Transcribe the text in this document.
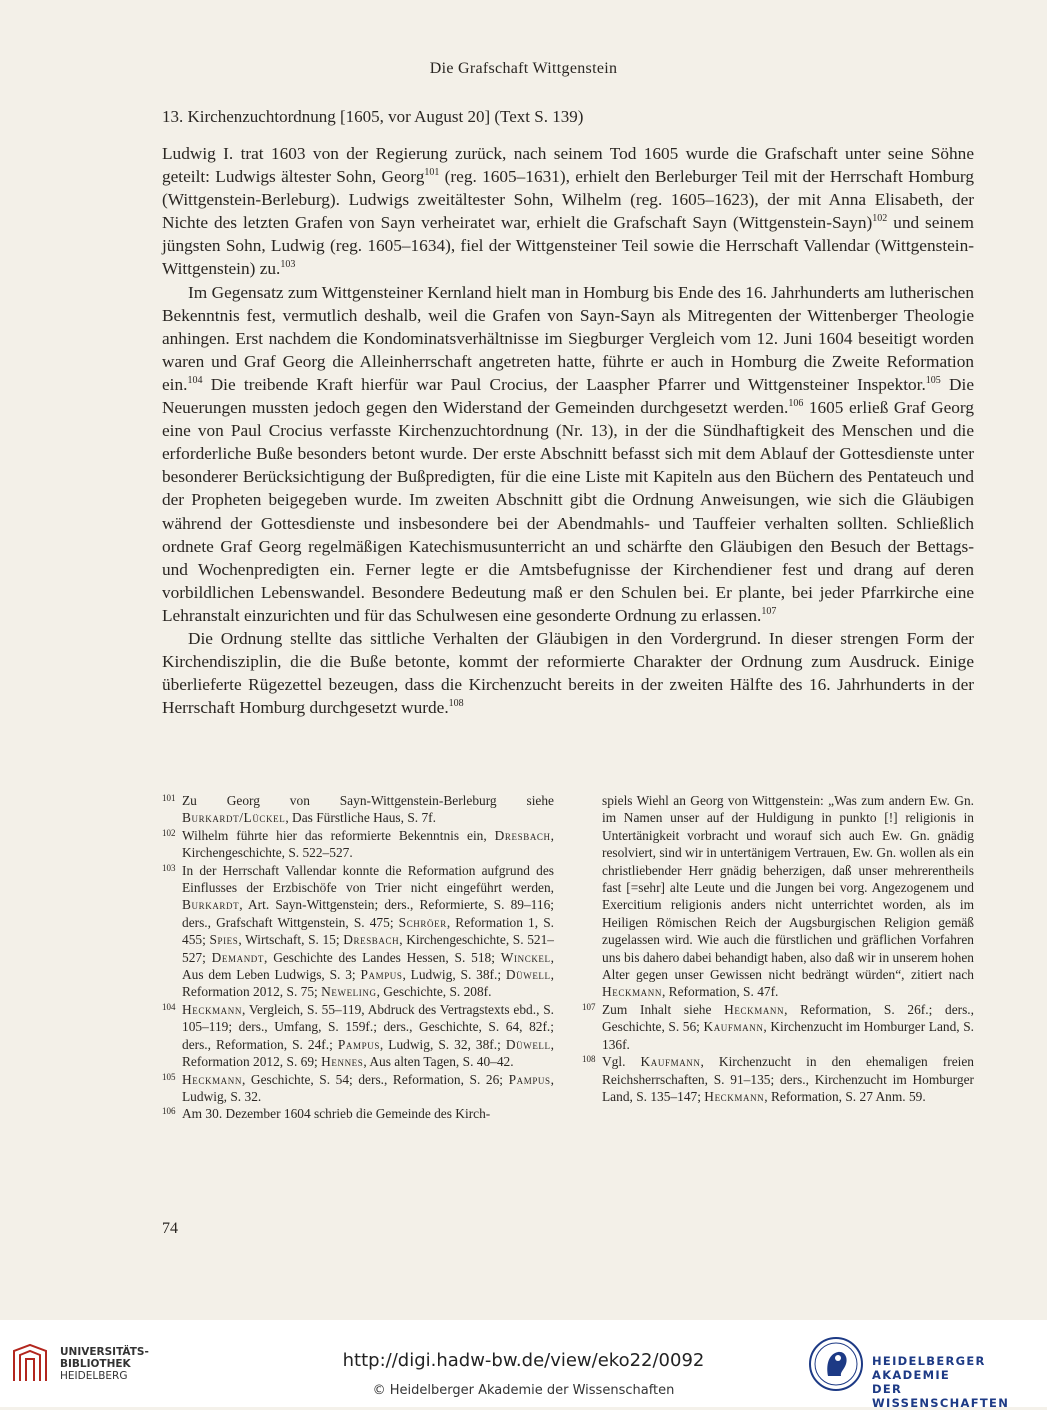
Die Grafschaft Wittgenstein
13. Kirchenzuchtordnung [1605, vor August 20] (Text S. 139)

Ludwig I. trat 1603 von der Regierung zurück, nach seinem Tod 1605 wurde die Grafschaft unter seine Söhne geteilt: Ludwigs ältester Sohn, Georg$^{101}$ (reg. 1605–1631), erhielt den Berleburger Teil mit der Herrschaft Homburg (Wittgenstein-Berleburg). Ludwigs zweitältester Sohn, Wilhelm (reg. 1605–1623), der mit Anna Elisabeth, der Nichte des letzten Grafen von Sayn verheiratet war, erhielt die Grafschaft Sayn (Wittgenstein-Sayn)$^{102}$ und seinem jüngsten Sohn, Ludwig (reg. 1605–1634), fiel der Wittgensteiner Teil sowie die Herrschaft Vallendar (Wittgenstein-Wittgenstein) zu.$^{103}$

Im Gegensatz zum Wittgensteiner Kernland hielt man in Homburg bis Ende des 16. Jahrhunderts am lutherischen Bekenntnis fest, vermutlich deshalb, weil die Grafen von Sayn-Sayn als Mitregenten der Wittenberger Theologie anhingen. Erst nachdem die Kondominatsverhältnisse im Siegburger Vergleich vom 12. Juni 1604 beseitigt worden waren und Graf Georg die Alleinherrschaft angetreten hatte, führte er auch in Homburg die Zweite Reformation ein.$^{104}$ Die treibende Kraft hierfür war Paul Crocius, der Laaspher Pfarrer und Wittgensteiner Inspektor.$^{105}$ Die Neuerungen mussten jedoch gegen den Widerstand der Gemeinden durchgesetzt werden.$^{106}$ 1605 erließ Graf Georg eine von Paul Crocius verfasste Kirchenzuchtordnung (Nr. 13), in der die Sündhaftigkeit des Menschen und die erforderliche Buße besonders betont wurde. Der erste Abschnitt befasst sich mit dem Ablauf der Gottesdienste unter besonderer Berücksichtigung der Bußpredigten, für die eine Liste mit Kapiteln aus den Büchern des Pentateuch und der Propheten beigegeben wurde. Im zweiten Abschnitt gibt die Ordnung Anweisungen, wie sich die Gläubigen während der Gottesdienste und insbesondere bei der Abendmahls- und Tauffeier verhalten sollten. Schließlich ordnete Graf Georg regelmäßigen Katechismusunterricht an und schärfte den Gläubigen den Besuch der Bettags- und Wochenpredigten ein. Ferner legte er die Amtsbefugnisse der Kirchendiener fest und drang auf deren vorbildlichen Lebenswandel. Besondere Bedeutung maß er den Schulen bei. Er plante, bei jeder Pfarrkirche eine Lehranstalt einzurichten und für das Schulwesen eine gesonderte Ordnung zu erlassen.$^{107}$

Die Ordnung stellte das sittliche Verhalten der Gläubigen in den Vordergrund. In dieser strengen Form der Kirchendisziplin, die die Buße betonte, kommt der reformierte Charakter der Ordnung zum Ausdruck. Einige überlieferte Rügezettel bezeugen, dass die Kirchenzucht bereits in der zweiten Hälfte des 16. Jahrhunderts in der Herrschaft Homburg durchgesetzt wurde.$^{108}$

101 Zu Georg von Sayn-Wittgenstein-Berleburg siehe Burkardt/Lückel, Das Fürstliche Haus, S. 7f.
102 Wilhelm führte hier das reformierte Bekenntnis ein, Dresbach, Kirchengeschichte, S. 522–527.
103 In der Herrschaft Vallendar konnte die Reformation aufgrund des Einflusses der Erzbischöfe von Trier nicht eingeführt werden, Burkardt, Art. Sayn-Wittgenstein; ders., Reformierte, S. 89–116; ders., Grafschaft Wittgenstein, S. 475; Schröer, Reformation 1, S. 455; Spies, Wirtschaft, S. 15; Dresbach, Kirchengeschichte, S. 521–527; Demandt, Geschichte des Landes Hessen, S. 518; Winckel, Aus dem Leben Ludwigs, S. 3; Pampus, Ludwig, S. 38f.; Düwell, Reformation 2012, S. 75; Neweling, Geschichte, S. 208f.
104 Heckmann, Vergleich, S. 55–119, Abdruck des Vertragstexts ebd., S. 105–119; ders., Umfang, S. 159f.; ders., Geschichte, S. 64, 82f.; ders., Reformation, S. 24f.; Pampus, Ludwig, S. 32, 38f.; Düwell, Reformation 2012, S. 69; Hennes, Aus alten Tagen, S. 40–42.
105 Heckmann, Geschichte, S. 54; ders., Reformation, S. 26; Pampus, Ludwig, S. 32.
106 Am 30. Dezember 1604 schrieb die Gemeinde des Kirch-
spiels Wiehl an Georg von Wittgenstein: „Was zum andern Ew. Gn. im Namen unser auf der Huldigung in punkto [!] religionis in Untertänigkeit vorbracht und worauf sich auch Ew. Gn. gnädig resolviert, sind wir in untertänigem Vertrauen, Ew. Gn. wollen als ein christliebender Herr gnädig beherzigen, daß unser mehrerentheils fast [=sehr] alte Leute und die Jungen bei vorg. Angezogenem und Exercitium religionis anders nicht unterrichtet worden, als im Heiligen Römischen Reich der Augsburgischen Religion gemäß zugelassen wird. Wie auch die fürstlichen und gräflichen Vorfahren uns bis dahero dabei behandigt haben, also daß wir in unserem hohen Alter gegen unser Gewissen nicht bedrängt würden“, zitiert nach Heckmann, Reformation, S. 47f.
107 Zum Inhalt siehe Heckmann, Reformation, S. 26f.; ders., Geschichte, S. 56; Kaufmann, Kirchenzucht im Homburger Land, S. 136f.
108 Vgl. Kaufmann, Kirchenzucht in den ehemaligen freien Reichsherrschaften, S. 91–135; ders., Kirchenzucht im Homburger Land, S. 135–147; Heckmann, Reformation, S. 27 Anm. 59.
74
UNIVERSITÄTS-
BIBLIOTHEK
HEIDELBERG
http://digi.hadw-bw.de/view/eko22/0092
© Heidelberger Akademie der Wissenschaften
HEIDELBERGER AKADEMIE
DER WISSENSCHAFTEN
